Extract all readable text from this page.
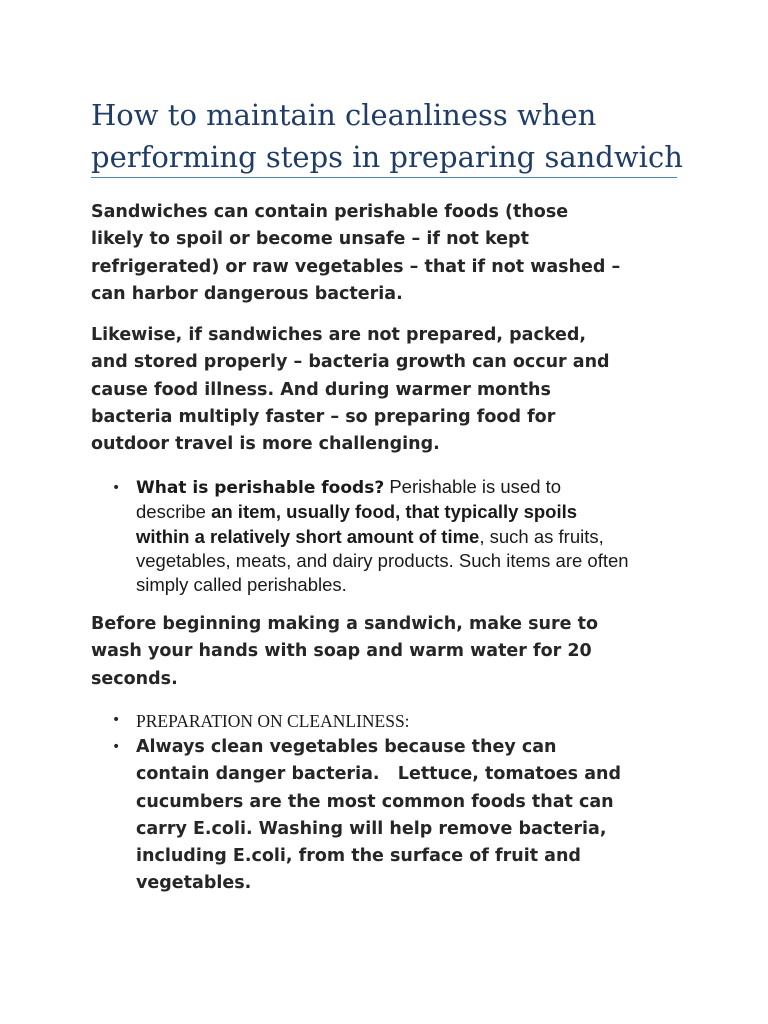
How to maintain cleanliness when
performing steps in preparing sandwich

Sandwiches can contain perishable foods (those
likely to spoil or become unsafe – if not kept
refrigerated) or raw vegetables – that if not washed –
can harbor dangerous bacteria.

Likewise, if sandwiches are not prepared, packed,
and stored properly – bacteria growth can occur and
cause food illness. And during warmer months
bacteria multiply faster – so preparing food for
outdoor travel is more challenging.

• What is perishable foods? Perishable is used to
describe an item, usually food, that typically spoils
within a relatively short amount of time, such as fruits,
vegetables, meats, and dairy products. Such items are often
simply called perishables.

Before beginning making a sandwich, make sure to
wash your hands with soap and warm water for 20
seconds.

• PREPARATION ON CLEANLINESS:
• Always clean vegetables because they can
contain danger bacteria.   Lettuce, tomatoes and
cucumbers are the most common foods that can
carry E.coli. Washing will help remove bacteria,
including E.coli, from the surface of fruit and
vegetables.
